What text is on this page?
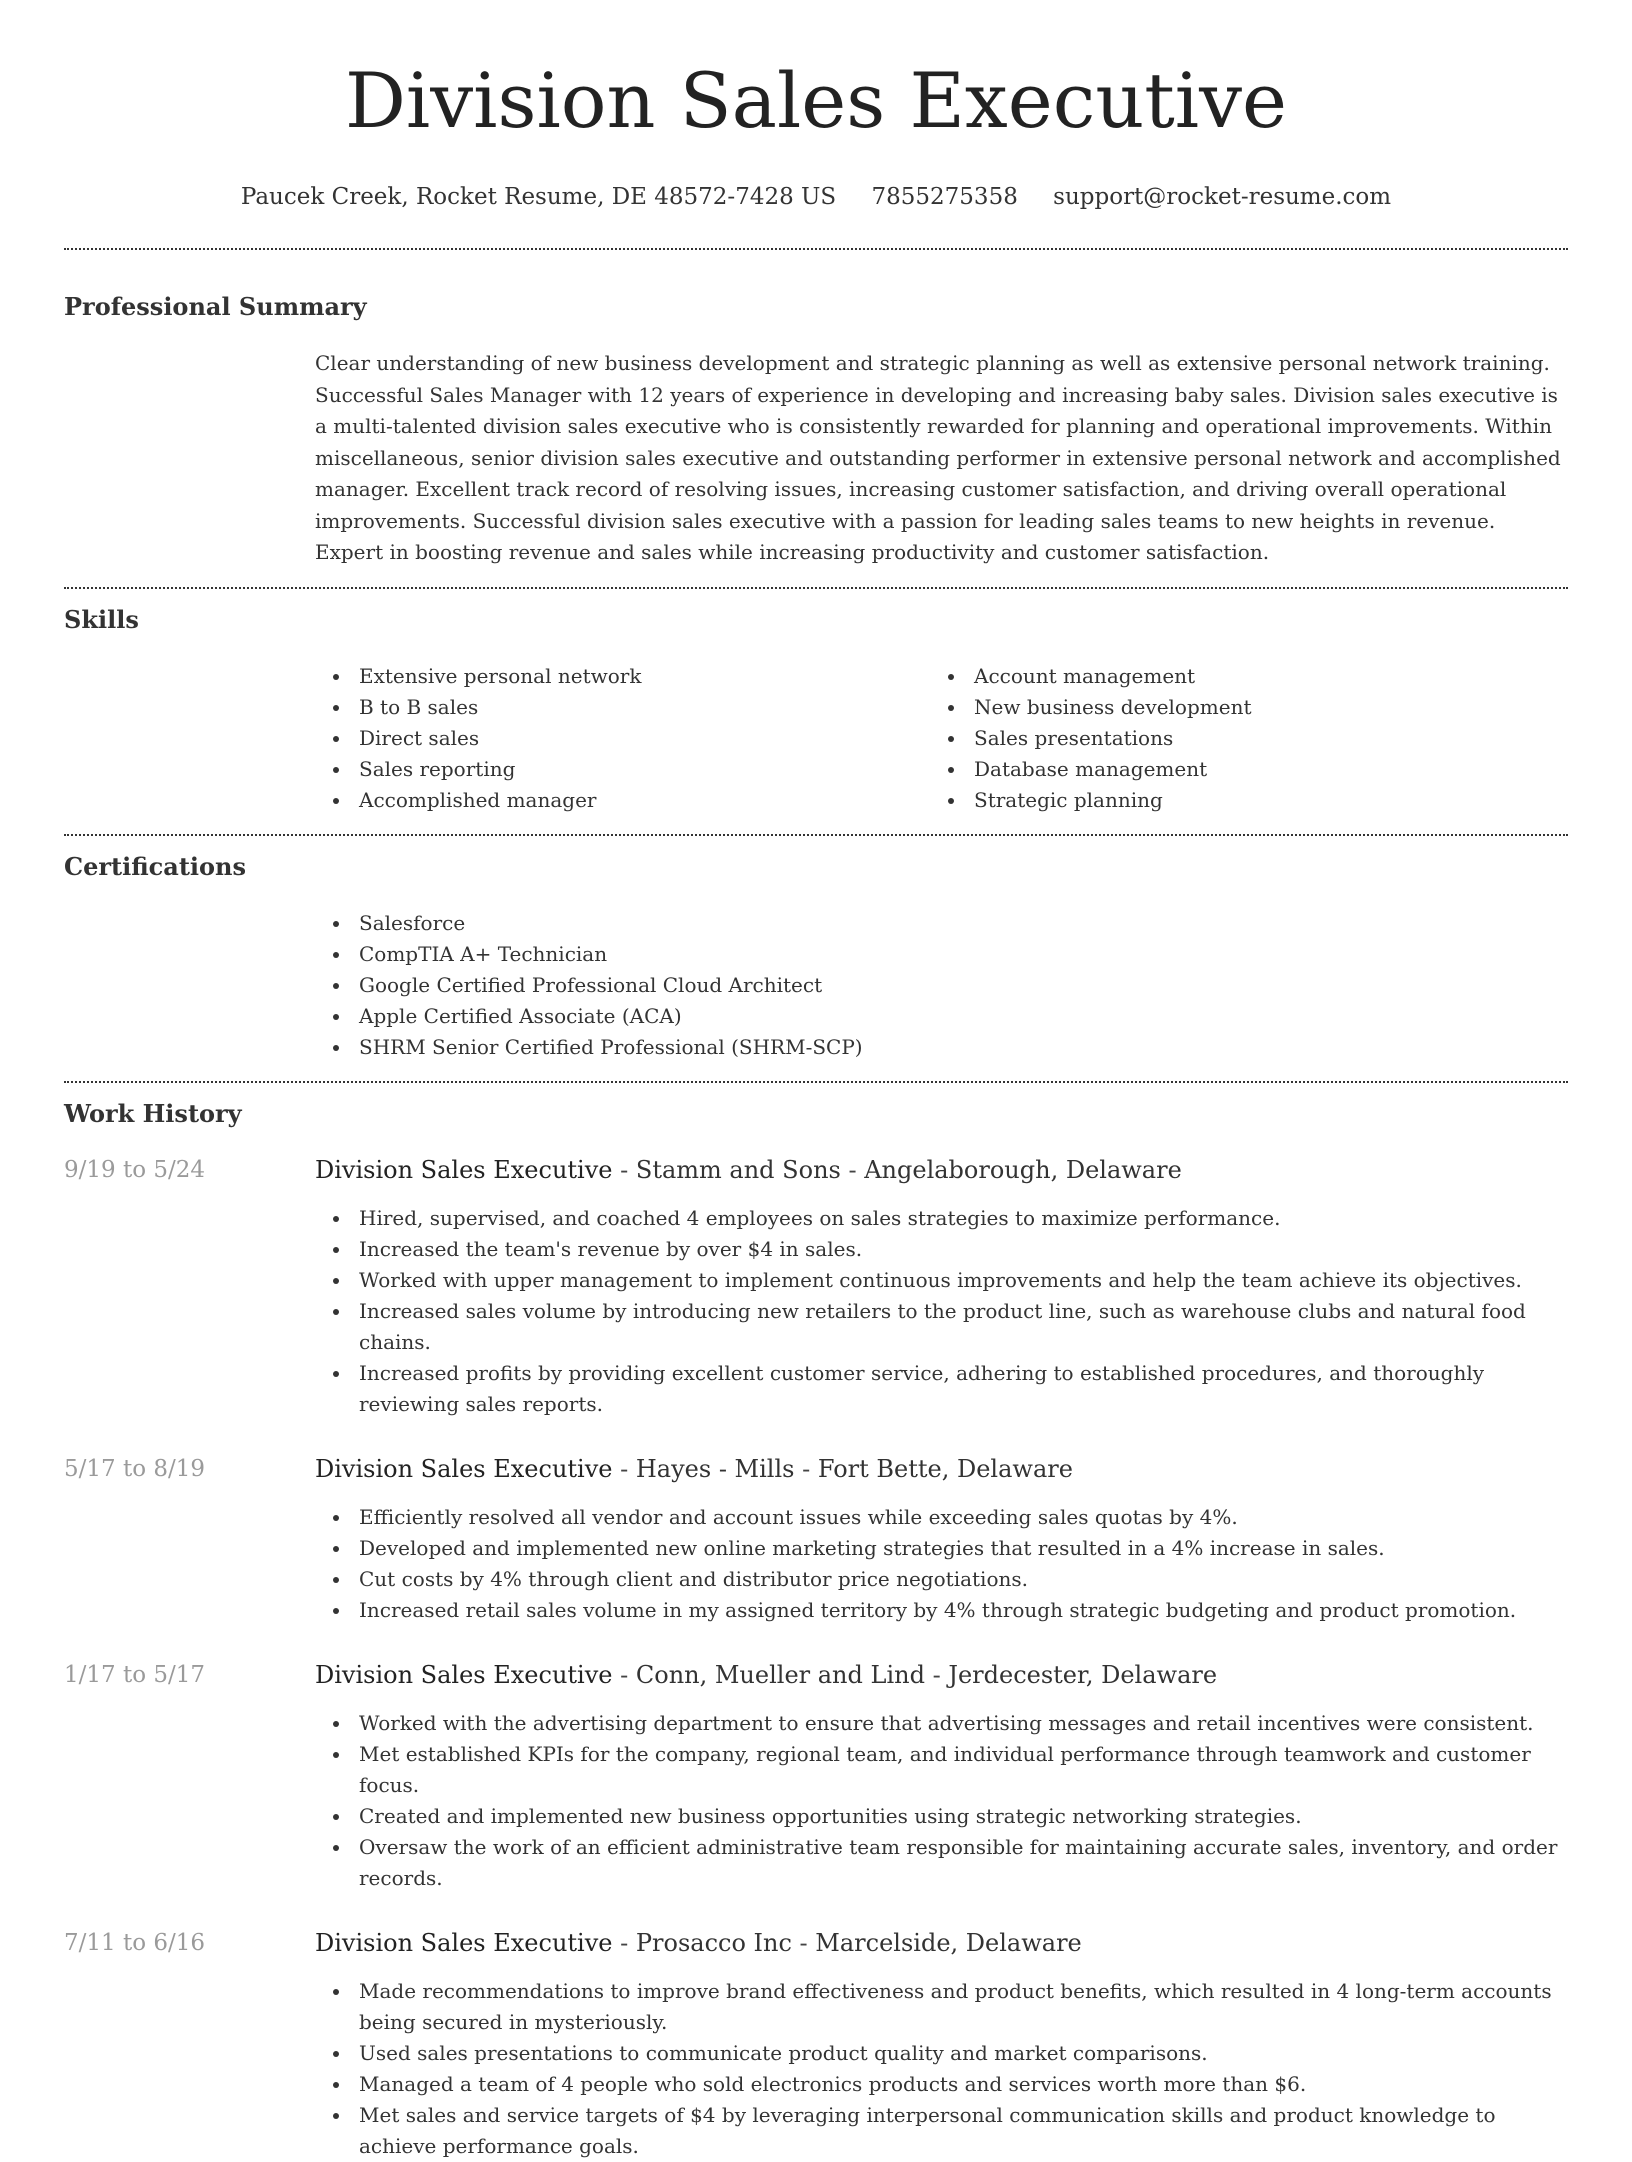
Division Sales Executive
Paucek Creek, Rocket Resume, DE 48572-7428 US 7855275358 support@rocket-resume.com
Professional Summary

Clear understanding of new business development and strategic planning as well as extensive personal network training. Successful Sales Manager with 12 years of experience in developing and increasing baby sales. Division sales executive is a multi-talented division sales executive who is consistently rewarded for planning and operational improvements. Within miscellaneous, senior division sales executive and outstanding performer in extensive personal network and accomplished manager. Excellent track record of resolving issues, increasing customer satisfaction, and driving overall operational improvements. Successful division sales executive with a passion for leading sales teams to new heights in revenue. Expert in boosting revenue and sales while increasing productivity and customer satisfaction.

Skills
Extensive personal network
B to B sales
Direct sales
Sales reporting
Accomplished manager
Account management
New business development
Sales presentations
Database management
Strategic planning
Certifications
Salesforce
CompTIA A+ Technician
Google Certified Professional Cloud Architect
Apple Certified Associate (ACA)
SHRM Senior Certified Professional (SHRM-SCP)
Work History
9/19 to 5/24	Division Sales Executive - Stamm and Sons - Angelaborough, Delaware
Hired, supervised, and coached 4 employees on sales strategies to maximize performance.
Increased the team's revenue by over $4 in sales.
Worked with upper management to implement continuous improvements and help the team achieve its objectives.
Increased sales volume by introducing new retailers to the product line, such as warehouse clubs and natural food chains.
Increased profits by providing excellent customer service, adhering to established procedures, and thoroughly reviewing sales reports.
5/17 to 8/19	Division Sales Executive - Hayes - Mills - Fort Bette, Delaware
Efficiently resolved all vendor and account issues while exceeding sales quotas by 4%.
Developed and implemented new online marketing strategies that resulted in a 4% increase in sales.
Cut costs by 4% through client and distributor price negotiations.
Increased retail sales volume in my assigned territory by 4% through strategic budgeting and product promotion.
1/17 to 5/17	Division Sales Executive - Conn, Mueller and Lind - Jerdecester, Delaware
Worked with the advertising department to ensure that advertising messages and retail incentives were consistent.
Met established KPIs for the company, regional team, and individual performance through teamwork and customer focus.
Created and implemented new business opportunities using strategic networking strategies.
Oversaw the work of an efficient administrative team responsible for maintaining accurate sales, inventory, and order records.
7/11 to 6/16	Division Sales Executive - Prosacco Inc - Marcelside, Delaware
Made recommendations to improve brand effectiveness and product benefits, which resulted in 4 long-term accounts being secured in mysteriously.
Used sales presentations to communicate product quality and market comparisons.
Managed a team of 4 people who sold electronics products and services worth more than $6.
Met sales and service targets of $4 by leveraging interpersonal communication skills and product knowledge to achieve performance goals.
